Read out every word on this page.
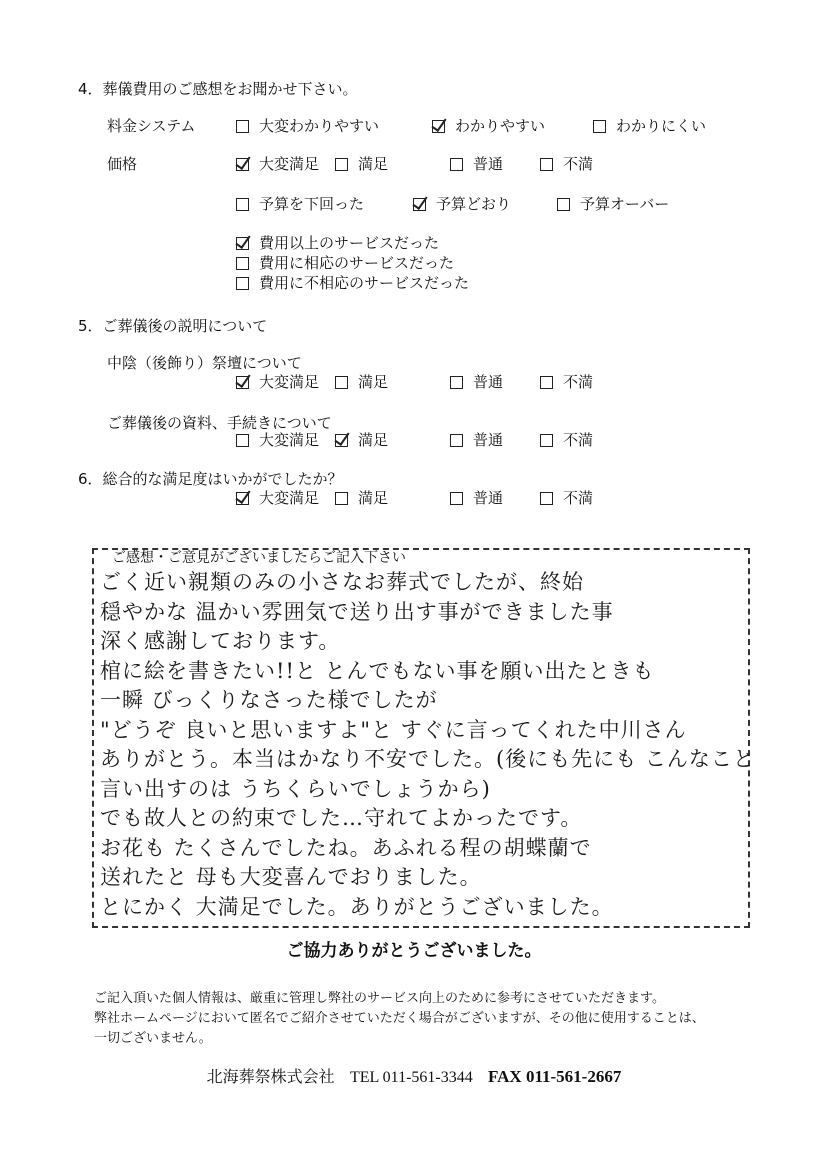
4．葬儀費用のご感想をお聞かせ下さい。
料金システム	大変わかりやすい	わかりやすい	わかりにくい
価格	大変満足	満足	普通	不満
予算を下回った	予算どおり	予算オーバー
費用以上のサービスだった
費用に相応のサービスだった
費用に不相応のサービスだった
5．ご葬儀後の説明について
中陰（後飾り）祭壇について
大変満足	満足	普通	不満
ご葬儀後の資料、手続きについて
大変満足	満足	普通	不満
6．総合的な満足度はいかがでしたか？
大変満足	満足	普通	不満
ご感想・ご意見がございましたらご記入下さい
ごく近い親類のみの小さなお葬式でしたが、終始
穏やかな 温かい雰囲気で送り出す事ができました事
深く感謝しております。
棺に絵を書きたい!!と とんでもない事を願い出たときも
一瞬 びっくりなさった様でしたが
"どうぞ 良いと思いますよ"と すぐに言ってくれた中川さん
ありがとう。本当はかなり不安でした。(後にも先にも こんなこと
言い出すのは うちくらいでしょうから)
でも故人との約束でした…守れてよかったです。
お花も たくさんでしたね。あふれる程の胡蝶蘭で
送れたと 母も大変喜んでおりました。
とにかく 大満足でした。ありがとうございました。
ご協力ありがとうございました。
ご記入頂いた個人情報は、厳重に管理し弊社のサービス向上のために参考にさせていただきます。
弊社ホームページにおいて匿名でご紹介させていただく場合がございますが、その他に使用することは、
一切ございません。
北海葬祭株式会社 TEL 011-561-3344 FAX 011-561-2667
